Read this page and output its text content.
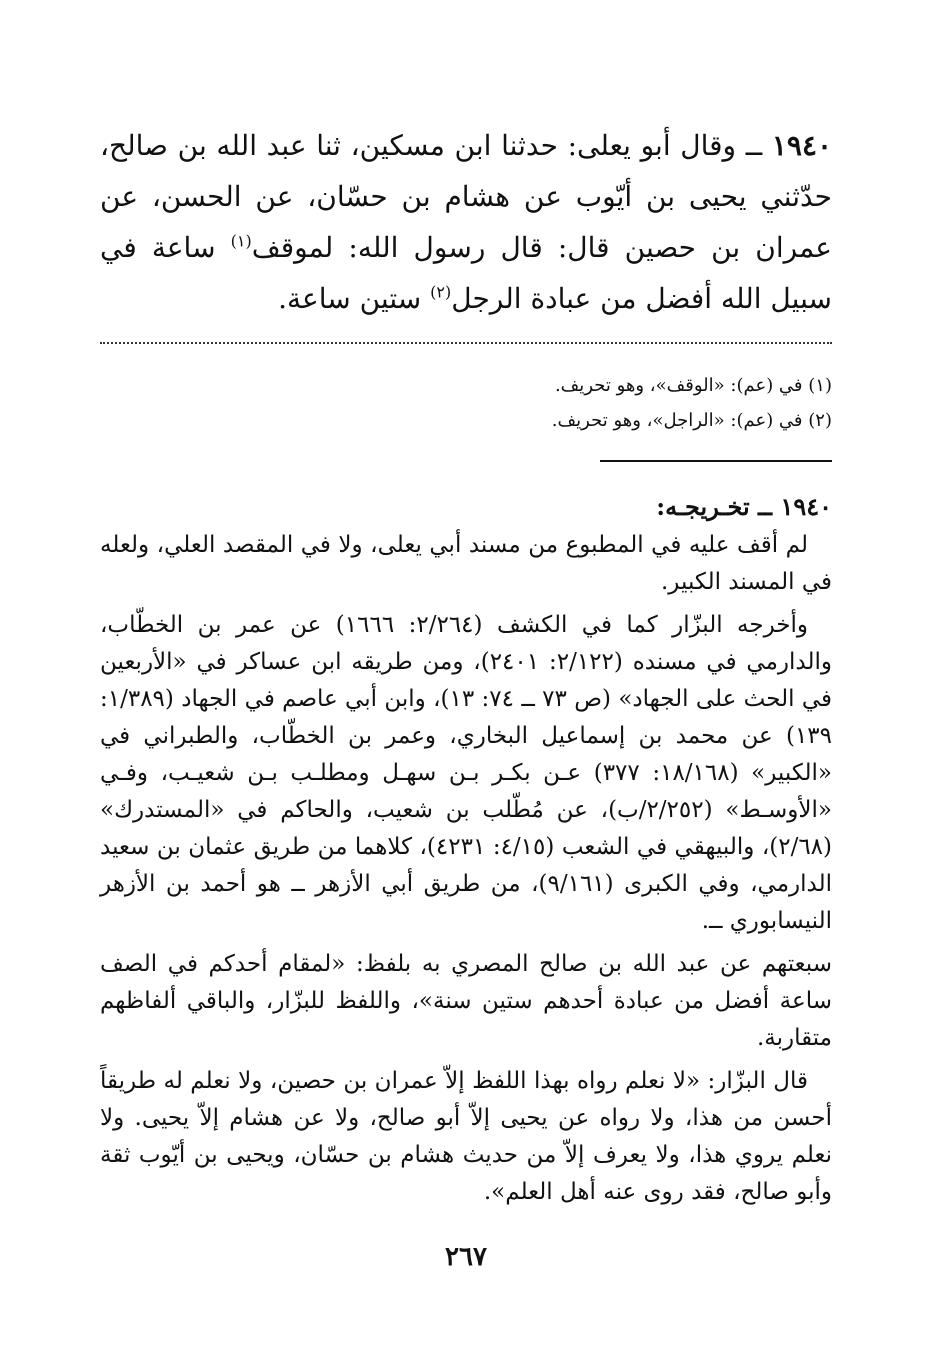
١٩٤٠ ــ وقال أبو يعلى: حدثنا ابن مسكين، ثنا عبد الله بن صالح، حدّثني يحيى بن أيّوب عن هشام بن حسّان، عن الحسن، عن عمران بن حصين قال: قال رسول الله: لموقف$^{(١)}$ ساعة في سبيل الله أفضل من عبادة الرجل$^{(٢)}$ ستين ساعة.

(١) في (عم): «الوقف»، وهو تحريف.
(٢) في (عم): «الراجل»، وهو تحريف.

١٩٤٠ ــ تخـريجـه:

لم أقف عليه في المطبوع من مسند أبي يعلى، ولا في المقصد العلي، ولعله في المسند الكبير.

وأخرجه البزّار كما في الكشف (٢/٢٦٤: ١٦٦٦) عن عمر بن الخطّاب، والدارمي في مسنده (٢/١٢٢: ٢٤٠١)، ومن طريقه ابن عساكر في «الأربعين في الحث على الجهاد» (ص ٧٣ ــ ٧٤: ١٣)، وابن أبي عاصم في الجهاد (١/٣٨٩: ١٣٩) عن محمد بن إسماعيل البخاري، وعمر بن الخطّاب، والطبراني في «الكبير» (١٨/١٦٨: ٣٧٧) عـن بكـر بـن سهـل ومطلـب بـن شعيـب، وفـي «الأوسـط» (٢/٢٥٢/ب)، عن مُطّلب بن شعيب، والحاكم في «المستدرك» (٢/٦٨)، والبيهقي في الشعب (٤/١٥: ٤٢٣١)، كلاهما من طريق عثمان بن سعيد الدارمي، وفي الكبرى (٩/١٦١)، من طريق أبي الأزهر ــ هو أحمد بن الأزهر النيسابوري ــ.

سبعتهم عن عبد الله بن صالح المصري به بلفظ: «لمقام أحدكم في الصف ساعة أفضل من عبادة أحدهم ستين سنة»، واللفظ للبزّار، والباقي ألفاظهم متقاربة.

قال البزّار: «لا نعلم رواه بهذا اللفظ إلاّ عمران بن حصين، ولا نعلم له طريقاً أحسن من هذا، ولا رواه عن يحيى إلاّ أبو صالح، ولا عن هشام إلاّ يحيى. ولا نعلم يروي هذا، ولا يعرف إلاّ من حديث هشام بن حسّان، ويحيى بن أيّوب ثقة وأبو صالح، فقد روى عنه أهل العلم».

٢٦٧
